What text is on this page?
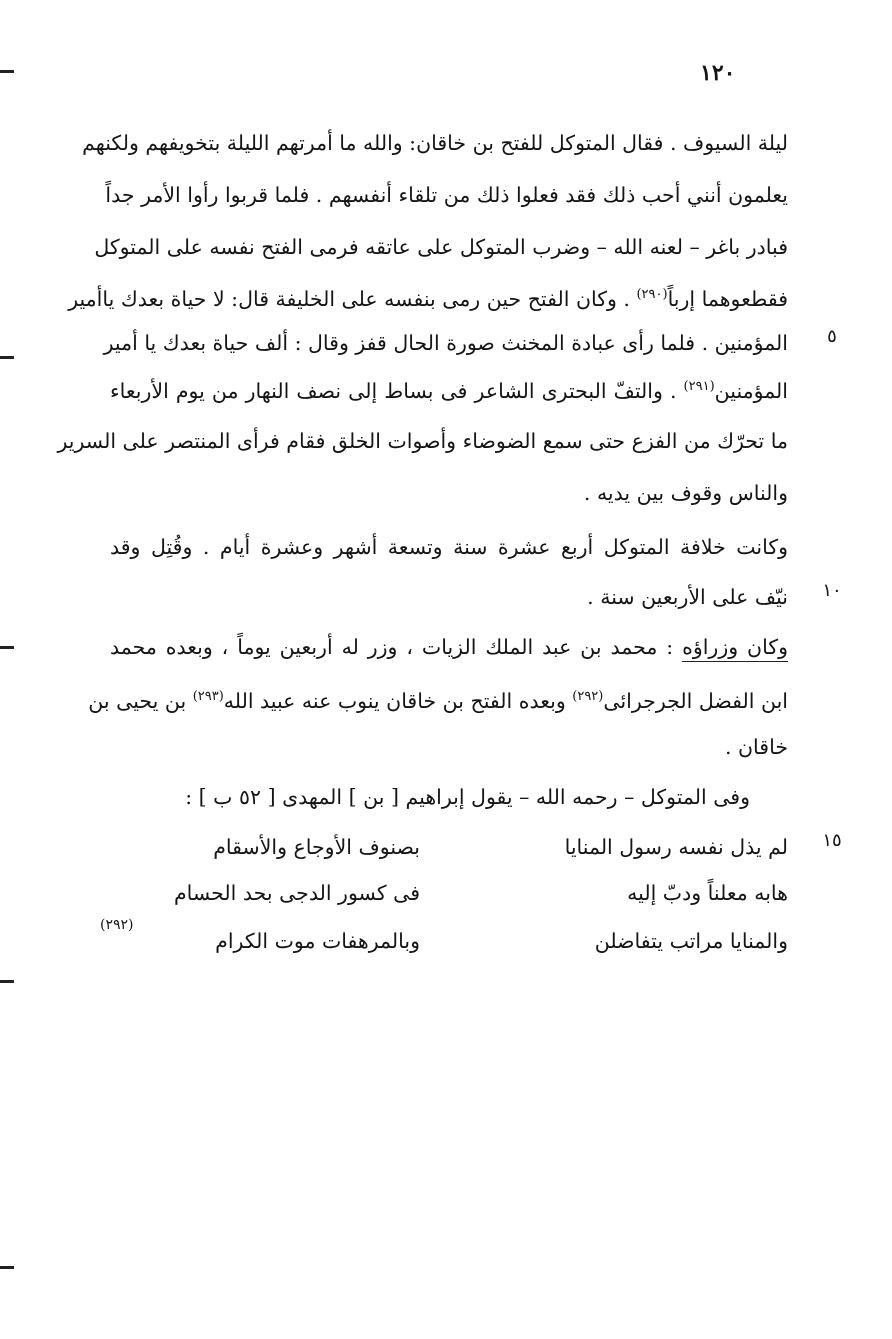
١٢٠
ليلة السيوف . فقال المتوكل للفتح بن خاقان: والله ما أمرتهم الليلة بتخويفهم ولكنهم
يعلمون أنني أحب ذلك فقد فعلوا ذلك من تلقاء أنفسهم . فلما قربوا رأوا الأمر جداً
فبادر باغر – لعنه الله – وضرب المتوكل على عاتقه فرمى الفتح نفسه على المتوكل
فقطعوهما إرباً$^{(٢٩٠)}$ . وكان الفتح حين رمى بنفسه على الخليفة قال: لا حياة بعدك ياأمير
المؤمنين . فلما رأى عبادة المخنث صورة الحال قفز وقال : ألف حياة بعدك يا أمير
المؤمنين$^{(٢٩١)}$ . والتفّ البحترى الشاعر فى بساط إلى نصف النهار من يوم الأربعاء
ما تحرّك من الفزع حتى سمع الضوضاء وأصوات الخلق فقام فرأى المنتصر على السرير
والناس وقوف بين يديه .
وكانت خلافة المتوكل أربع عشرة سنة وتسعة أشهر وعشرة أيام . وقُتِل وقد
نيّف على الأربعين سنة .
وكان وزراؤه : محمد بن عبد الملك الزيات ، وزر له أربعين يوماً ، وبعده محمد
ابن الفضل الجرجرائى$^{(٢٩٢)}$ وبعده الفتح بن خاقان ينوب عنه عبيد الله$^{(٢٩٣)}$ بن يحيى بن
خاقان .
وفى المتوكل – رحمه الله – يقول إبراهيم [ بن ] المهدى [ ٥٢ ب ] :
لم يذل نفسه رسول المنايا
بصنوف الأوجاع والأسقام
هابه معلناً ودبّ إليه
فى كسور الدجى بحد الحسام
والمنايا مراتب يتفاضلن
وبالمرهفات موت الكرام
(٢٩٢)
٥
١٠
١٥
